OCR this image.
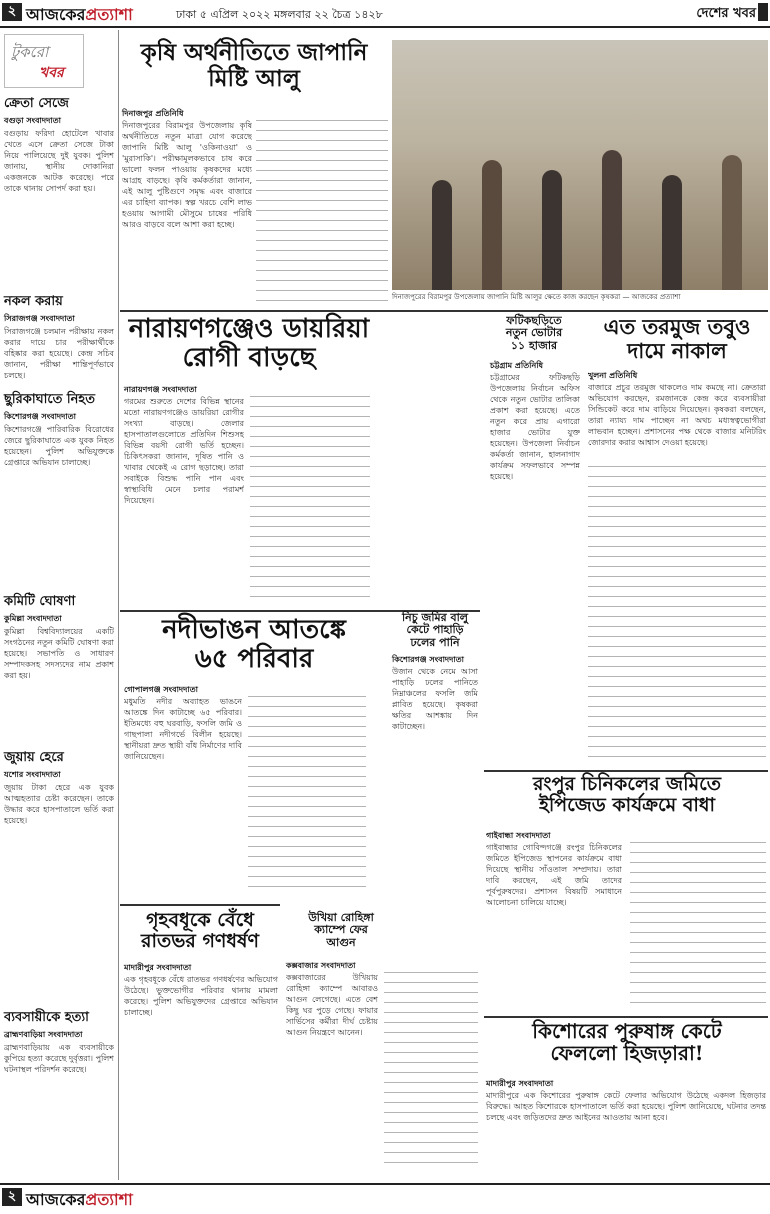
২ আজকেরপ্রত্যাশা	ঢাকা ৫ এপ্রিল ২০২২ মঙ্গলবার ২২ চৈত্র ১৪২৮	দেশের খবর
টুকরো
খবর
ক্রেতা সেজে
বগুড়া সংবাদদাতা
বগুড়ায় ফরিদা হোটেলে খাবার খেতে এসে ক্রেতা সেজে টাকা নিয়ে পালিয়েছে দুই যুবক। পুলিশ জানায়, স্থানীয় দোকানিরা একজনকে আটক করেছে। পরে তাকে থানায় সোপর্দ করা হয়।
নকল করায়
সিরাজগঞ্জ সংবাদদাতা
সিরাজগঞ্জে চলমান পরীক্ষায় নকল করার দায়ে চার পরীক্ষার্থীকে বহিষ্কার করা হয়েছে। কেন্দ্র সচিব জানান, পরীক্ষা শান্তিপূর্ণভাবে চলছে।
ছুরিকাঘাতে নিহত
কিশোরগঞ্জ সংবাদদাতা
কিশোরগঞ্জে পারিবারিক বিরোধের জেরে ছুরিকাঘাতে এক যুবক নিহত হয়েছেন। পুলিশ অভিযুক্তকে গ্রেপ্তারে অভিযান চালাচ্ছে।
কমিটি ঘোষণা
কুমিল্লা সংবাদদাতা
কুমিল্লা বিশ্ববিদ্যালয়ের একটি সংগঠনের নতুন কমিটি ঘোষণা করা হয়েছে। সভাপতি ও সাধারণ সম্পাদকসহ সদস্যদের নাম প্রকাশ করা হয়।
জুয়ায় হেরে
যশোর সংবাদদাতা
জুয়ায় টাকা হেরে এক যুবক আত্মহত্যার চেষ্টা করেছেন। তাকে উদ্ধার করে হাসপাতালে ভর্তি করা হয়েছে।
ব্যবসায়ীকে হত্যা
ব্রাহ্মণবাড়িয়া সংবাদদাতা
ব্রাহ্মণবাড়িয়ায় এক ব্যবসায়ীকে কুপিয়ে হত্যা করেছে দুর্বৃত্তরা। পুলিশ ঘটনাস্থল পরিদর্শন করেছে।
কৃষি অর্থনীতিতে জাপানি
মিষ্টি আলু
দিনাজপুর প্রতিনিধি
দিনাজপুরের বিরামপুর উপজেলায় কৃষি অর্থনীতিতে নতুন মাত্রা যোগ করেছে জাপানি মিষ্টি আলু 'ওকিনাওয়া' ও 'মুরাসাকি'। পরীক্ষামূলকভাবে চাষ করে ভালো ফলন পাওয়ায় কৃষকদের মধ্যে আগ্রহ বাড়ছে। কৃষি কর্মকর্তারা জানান, এই আলু পুষ্টিগুণে সমৃদ্ধ এবং বাজারে এর চাহিদা ব্যাপক। স্বল্প খরচে বেশি লাভ হওয়ায় আগামী মৌসুমে চাষের পরিধি আরও বাড়বে বলে আশা করা হচ্ছে।
দিনাজপুরের বিরামপুর উপজেলায় জাপানি মিষ্টি আলুর ক্ষেতে কাজ করছেন কৃষকরা — আজকের প্রত্যাশা
নারায়ণগঞ্জেও ডায়রিয়া
রোগী বাড়ছে
নারায়ণগঞ্জ সংবাদদাতা
গরমের শুরুতে দেশের বিভিন্ন স্থানের মতো নারায়ণগঞ্জেও ডায়রিয়া রোগীর সংখ্যা বাড়ছে। জেলার হাসপাতালগুলোতে প্রতিদিন শিশুসহ বিভিন্ন বয়সী রোগী ভর্তি হচ্ছেন। চিকিৎসকরা জানান, দূষিত পানি ও খাবার থেকেই এ রোগ ছড়াচ্ছে। তারা সবাইকে বিশুদ্ধ পানি পান এবং স্বাস্থ্যবিধি মেনে চলার পরামর্শ দিয়েছেন।
ফটিকছড়িতে
নতুন ভোটার
১১ হাজার
চট্টগ্রাম প্রতিনিধি
চট্টগ্রামের ফটিকছড়ি উপজেলায় নির্বাচন অফিস থেকে নতুন ভোটার তালিকা প্রকাশ করা হয়েছে। এতে নতুন করে প্রায় এগারো হাজার ভোটার যুক্ত হয়েছেন। উপজেলা নির্বাচন কর্মকর্তা জানান, হালনাগাদ কার্যক্রম সফলভাবে সম্পন্ন হয়েছে।
এত তরমুজ তবুও
দামে নাকাল
খুলনা প্রতিনিধি
বাজারে প্রচুর তরমুজ থাকলেও দাম কমছে না। ক্রেতারা অভিযোগ করছেন, রমজানকে কেন্দ্র করে ব্যবসায়ীরা সিন্ডিকেট করে দাম বাড়িয়ে দিয়েছেন। কৃষকরা বলছেন, তারা ন্যায্য দাম পাচ্ছেন না অথচ মধ্যস্বত্বভোগীরা লাভবান হচ্ছেন। প্রশাসনের পক্ষ থেকে বাজার মনিটরিং জোরদার করার আশ্বাস দেওয়া হয়েছে।
নদীভাঙন আতঙ্কে
৬৫ পরিবার
গোপালগঞ্জ সংবাদদাতা
মধুমতি নদীর অব্যাহত ভাঙনে আতঙ্কে দিন কাটাচ্ছে ৬৫ পরিবার। ইতিমধ্যে বহু ঘরবাড়ি, ফসলি জমি ও গাছপালা নদীগর্ভে বিলীন হয়েছে। স্থানীয়রা দ্রুত স্থায়ী বাঁধ নির্মাণের দাবি জানিয়েছেন।
নিচু জমির বালু
কেটে পাহাড়ি
ঢলের পানি
কিশোরগঞ্জ সংবাদদাতা
উজান থেকে নেমে আসা পাহাড়ি ঢলের পানিতে নিম্নাঞ্চলের ফসলি জমি প্লাবিত হয়েছে। কৃষকরা ক্ষতির আশঙ্কায় দিন কাটাচ্ছেন।
রংপুর চিনিকলের জমিতে
ইপিজেড কার্যক্রমে বাধা
গাইবান্ধা সংবাদদাতা
গাইবান্ধার গোবিন্দগঞ্জে রংপুর চিনিকলের জমিতে ইপিজেড স্থাপনের কার্যক্রমে বাধা দিয়েছে স্থানীয় সাঁওতাল সম্প্রদায়। তারা দাবি করছেন, এই জমি তাদের পূর্বপুরুষদের। প্রশাসন বিষয়টি সমাধানে আলোচনা চালিয়ে যাচ্ছে।
গৃহবধূকে বেঁধে
রাতভর গণধর্ষণ
মাদারীপুর সংবাদদাতা
এক গৃহবধূকে বেঁধে রাতভর গণধর্ষণের অভিযোগ উঠেছে। ভুক্তভোগীর পরিবার থানায় মামলা করেছে। পুলিশ অভিযুক্তদের গ্রেপ্তারে অভিযান চালাচ্ছে।
উখিয়া রোহিঙ্গা
ক্যাম্পে ফের
আগুন
কক্সবাজার সংবাদদাতা
কক্সবাজারের উখিয়ায় রোহিঙ্গা ক্যাম্পে আবারও আগুন লেগেছে। এতে বেশ কিছু ঘর পুড়ে গেছে। ফায়ার সার্ভিসের কর্মীরা দীর্ঘ চেষ্টায় আগুন নিয়ন্ত্রণে আনেন।	কিশোরের পুরুষাঙ্গ কেটে
ফেললো হিজড়ারা!
মাদারীপুর সংবাদদাতা
মাদারীপুরে এক কিশোরের পুরুষাঙ্গ কেটে ফেলার অভিযোগ উঠেছে একদল হিজড়ার বিরুদ্ধে। আহত কিশোরকে হাসপাতালে ভর্তি করা হয়েছে। পুলিশ জানিয়েছে, ঘটনার তদন্ত চলছে এবং জড়িতদের দ্রুত আইনের আওতায় আনা হবে।
২ আজকেরপ্রত্যাশা
